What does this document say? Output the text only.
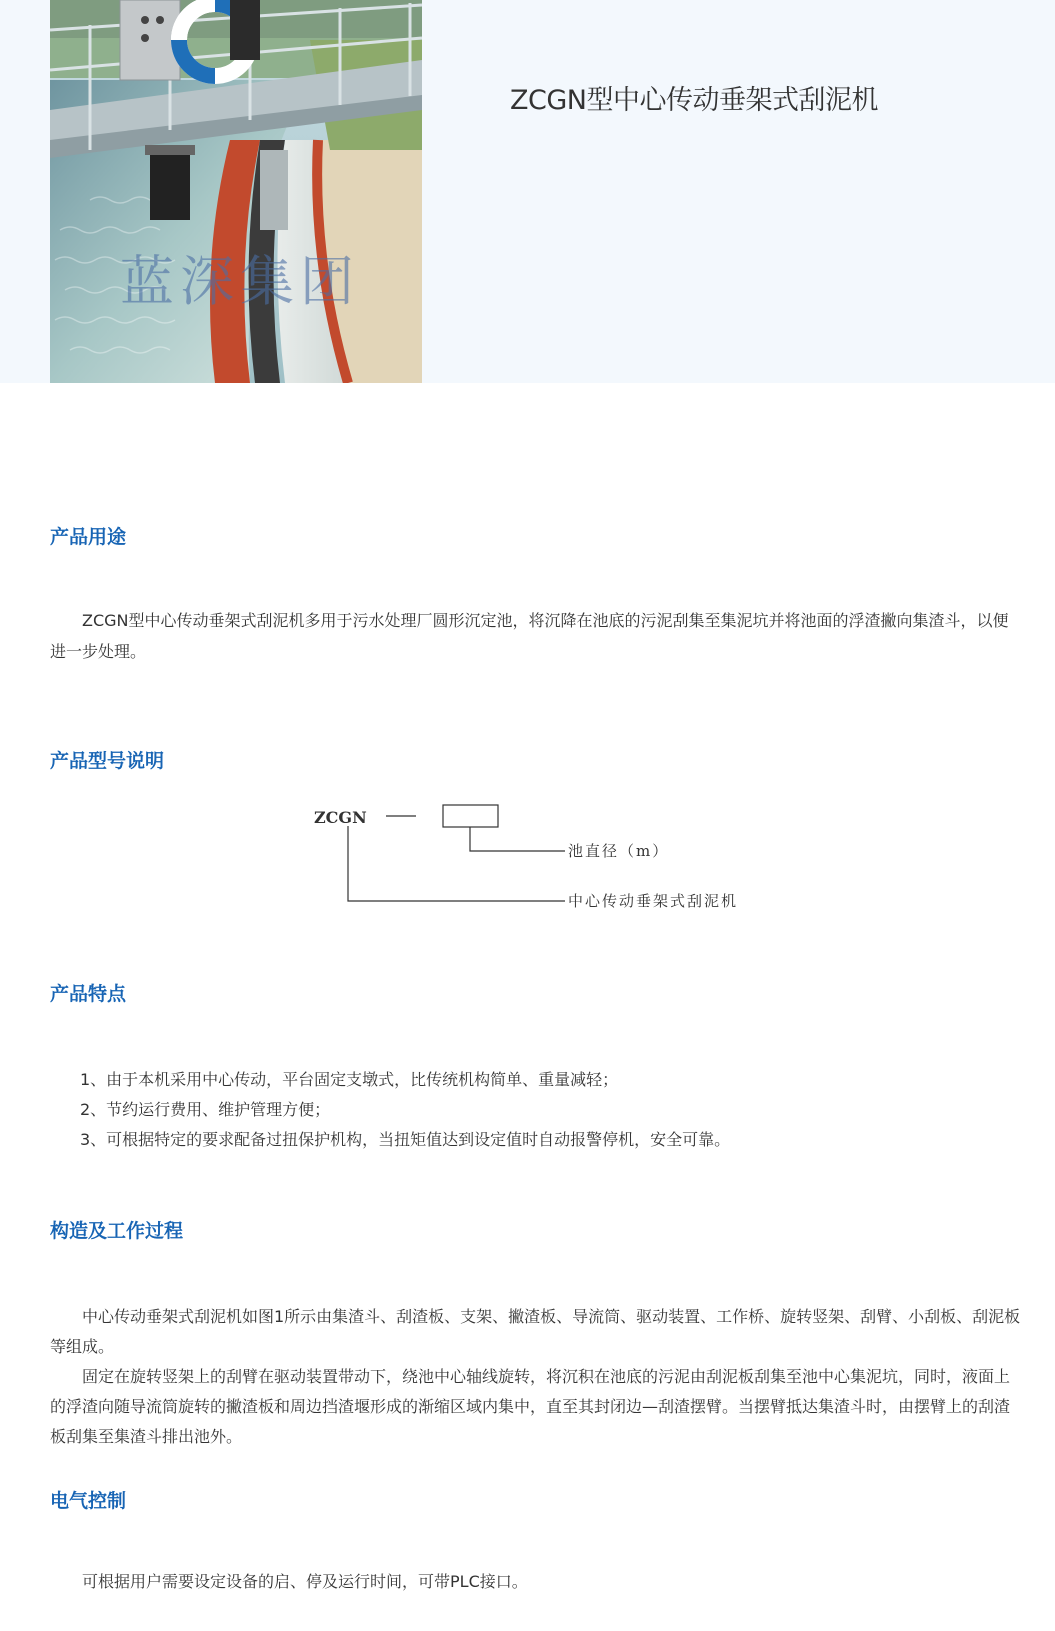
蓝深集团
ZCGN型中心传动垂架式刮泥机
产品用途

ZCGN型中心传动垂架式刮泥机多用于污水处理厂圆形沉定池，将沉降在池底的污泥刮集至集泥坑并将池面的浮渣撇向集渣斗，以便进一步处理。

产品型号说明
ZCGN
池直径（m）
中心传动垂架式刮泥机
产品特点
1、由于本机采用中心传动，平台固定支墩式，比传统机构简单、重量减轻；
2、节约运行费用、维护管理方便；
3、可根据特定的要求配备过扭保护机构，当扭矩值达到设定值时自动报警停机，安全可靠。
构造及工作过程

中心传动垂架式刮泥机如图1所示由集渣斗、刮渣板、支架、撇渣板、导流筒、驱动装置、工作桥、旋转竖架、刮臂、小刮板、刮泥板等组成。

固定在旋转竖架上的刮臂在驱动装置带动下，绕池中心轴线旋转，将沉积在池底的污泥由刮泥板刮集至池中心集泥坑，同时，液面上的浮渣向随导流筒旋转的撇渣板和周边挡渣堰形成的渐缩区域内集中，直至其封闭边—刮渣摆臂。当摆臂抵达集渣斗时，由摆臂上的刮渣板刮集至集渣斗排出池外。

电气控制

可根据用户需要设定设备的启、停及运行时间，可带PLC接口。
